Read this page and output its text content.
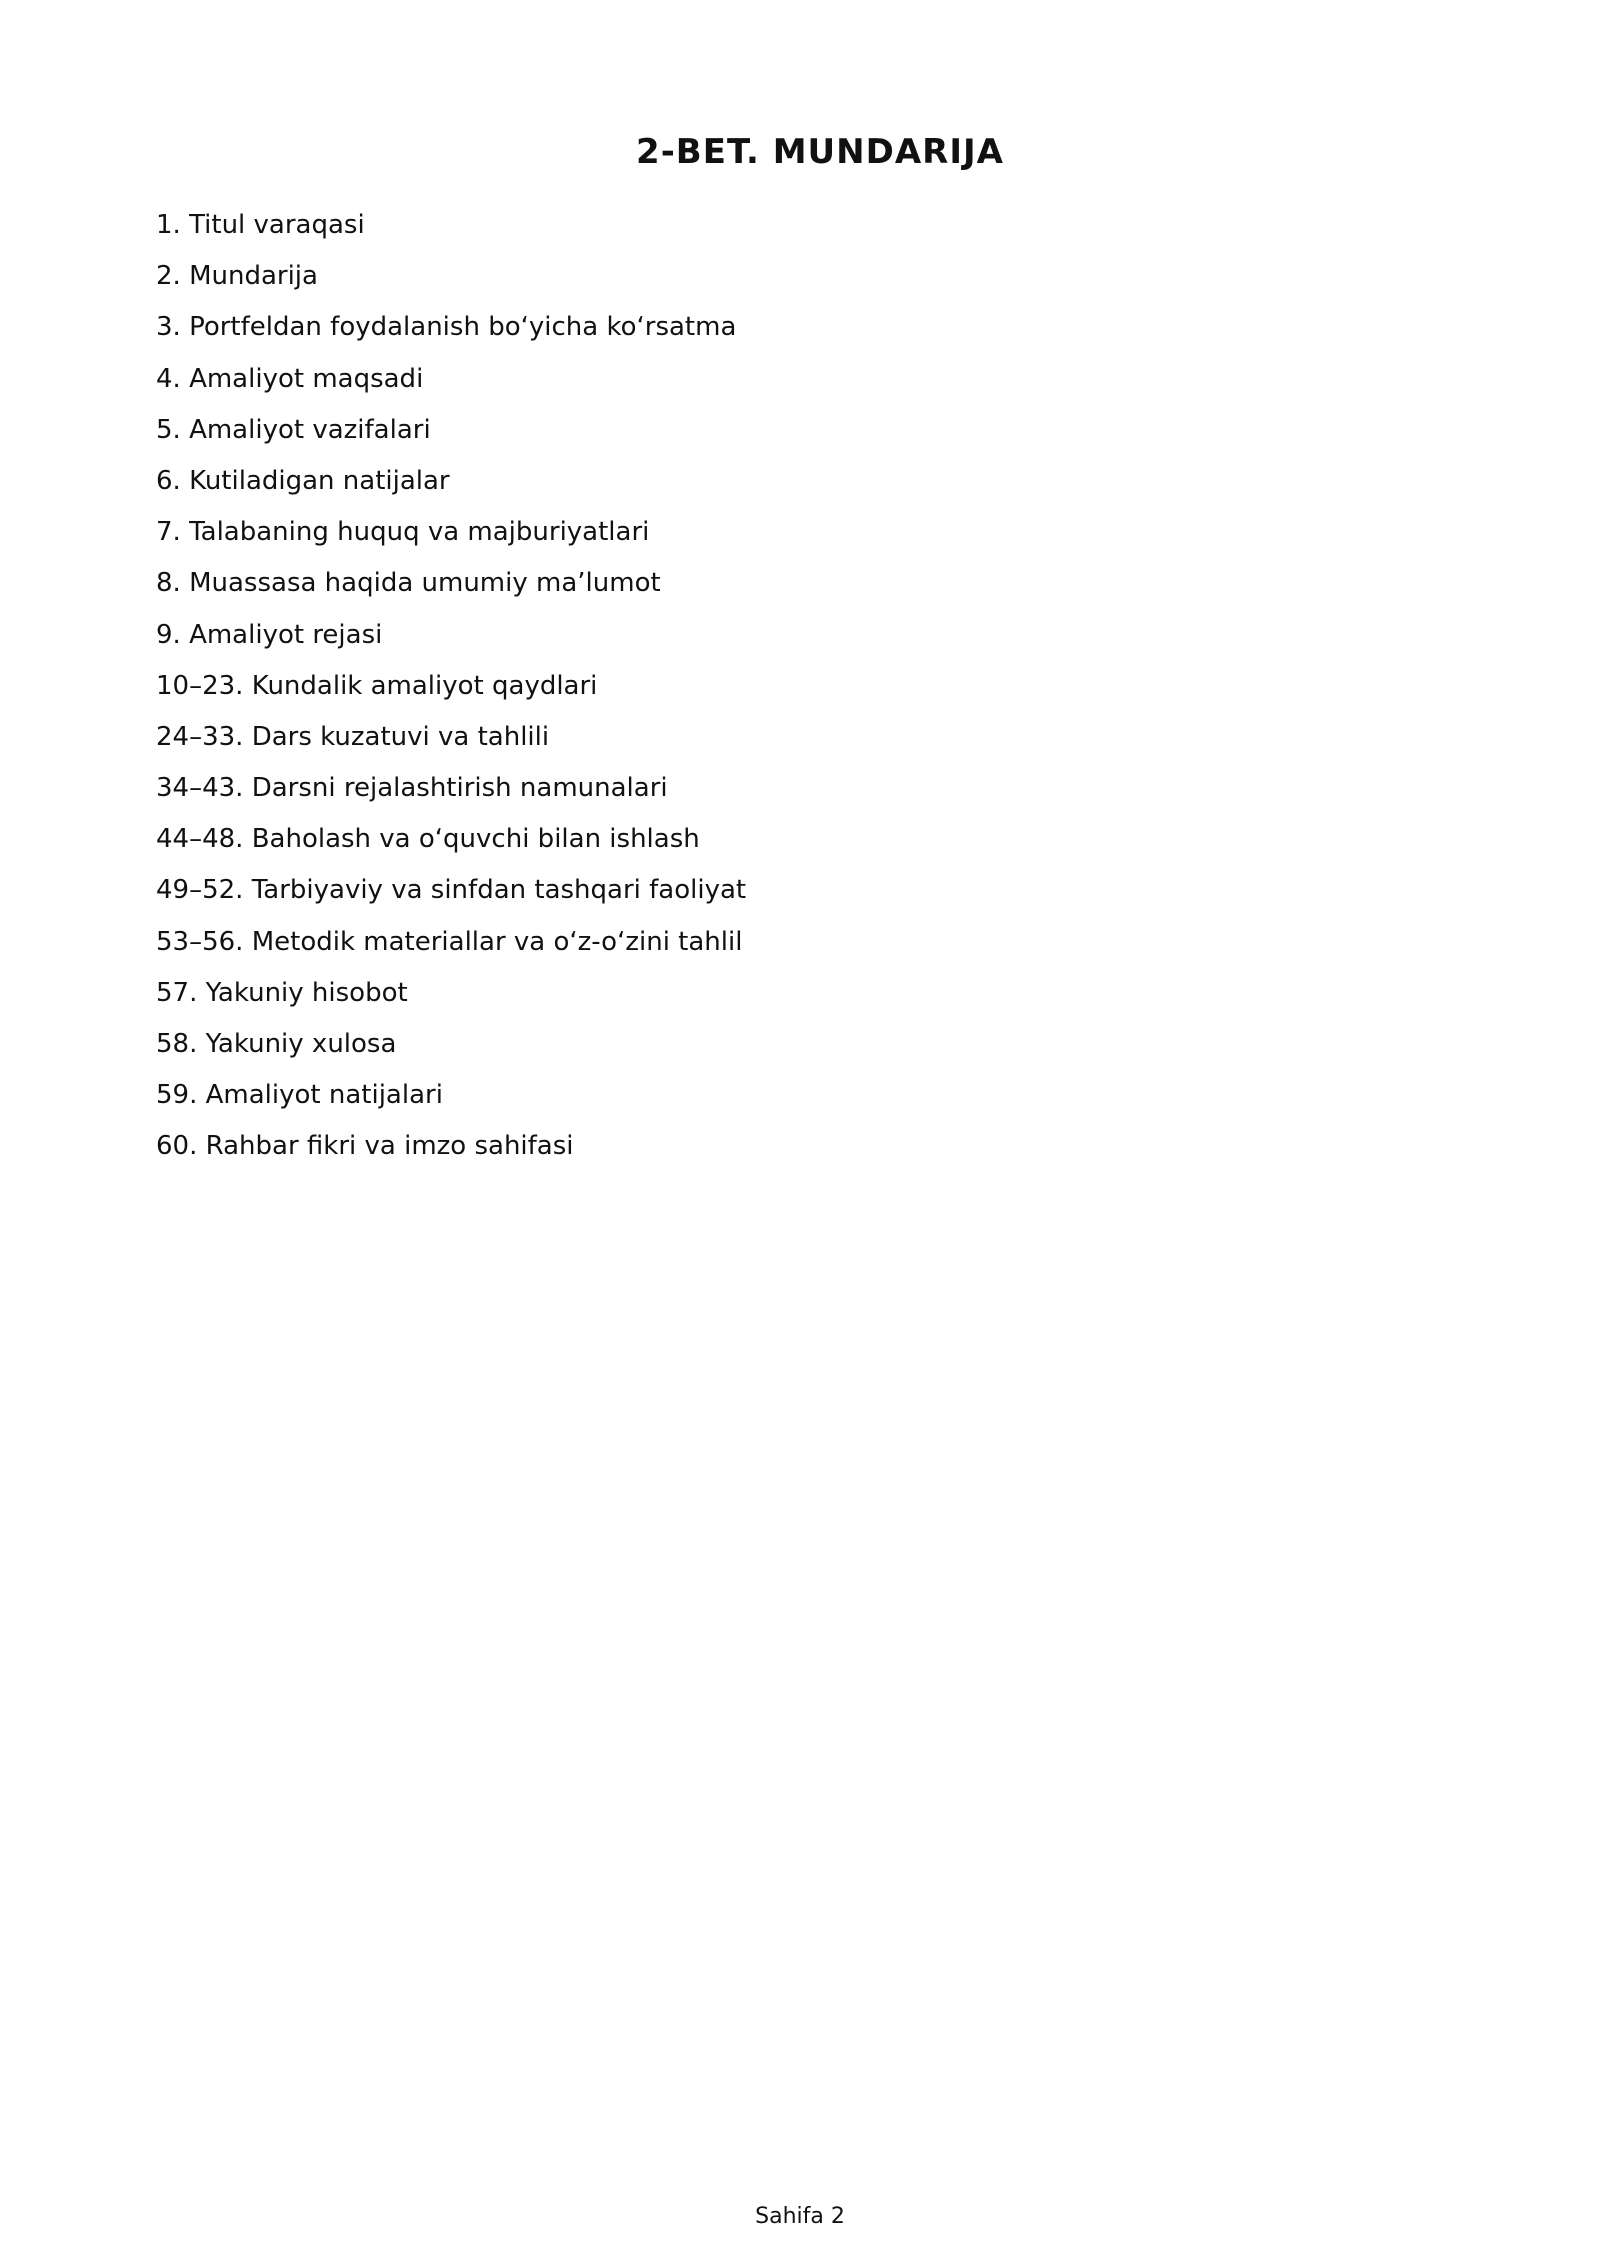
2-BET. MUNDARIJA
1. Titul varaqasi
2. Mundarija
3. Portfeldan foydalanish bo‘yicha ko‘rsatma
4. Amaliyot maqsadi
5. Amaliyot vazifalari
6. Kutiladigan natijalar
7. Talabaning huquq va majburiyatlari
8. Muassasa haqida umumiy ma’lumot
9. Amaliyot rejasi
10–23. Kundalik amaliyot qaydlari
24–33. Dars kuzatuvi va tahlili
34–43. Darsni rejalashtirish namunalari
44–48. Baholash va o‘quvchi bilan ishlash
49–52. Tarbiyaviy va sinfdan tashqari faoliyat
53–56. Metodik materiallar va o‘z-o‘zini tahlil
57. Yakuniy hisobot
58. Yakuniy xulosa
59. Amaliyot natijalari
60. Rahbar fikri va imzo sahifasi
Sahifa 2
